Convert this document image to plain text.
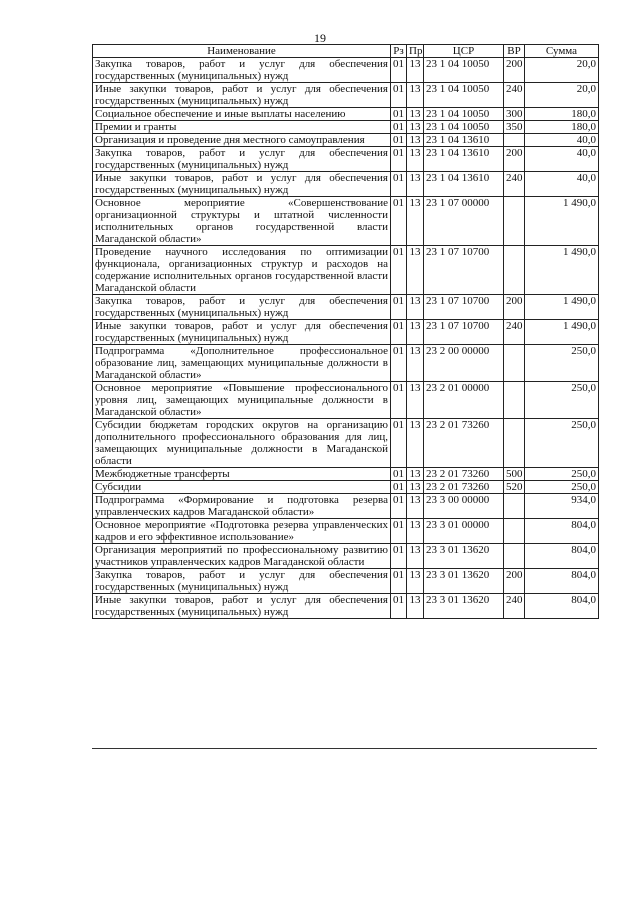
19
Наименование	Рз	Пр	ЦСР	ВР	Сумма
Закупка товаров, работ и услуг для обеспечения государственных (муниципальных) нужд	01	13	23 1 04 10050	200	20,0
Иные закупки товаров, работ и услуг для обеспечения государственных (муниципальных) нужд	01	13	23 1 04 10050	240	20,0
Социальное обеспечение и иные выплаты населению	01	13	23 1 04 10050	300	180,0
Премии и гранты	01	13	23 1 04 10050	350	180,0
Организация и проведение дня местного самоуправления	01	13	23 1 04 13610		40,0
Закупка товаров, работ и услуг для обеспечения государственных (муниципальных) нужд	01	13	23 1 04 13610	200	40,0
Иные закупки товаров, работ и услуг для обеспечения государственных (муниципальных) нужд	01	13	23 1 04 13610	240	40,0
Основное мероприятие «Совершенствование организационной структуры и штатной численности исполнительных органов государственной власти Магаданской области»	01	13	23 1 07 00000		1 490,0
Проведение научного исследования по оптимизации функционала, организационных структур и расходов на содержание исполнительных органов государственной власти Магаданской области	01	13	23 1 07 10700		1 490,0
Закупка товаров, работ и услуг для обеспечения государственных (муниципальных) нужд	01	13	23 1 07 10700	200	1 490,0
Иные закупки товаров, работ и услуг для обеспечения государственных (муниципальных) нужд	01	13	23 1 07 10700	240	1 490,0
Подпрограмма «Дополнительное профессиональное образование лиц, замещающих муниципальные должности в Магаданской области»	01	13	23 2 00 00000		250,0
Основное мероприятие «Повышение профессионального уровня лиц, замещающих муниципальные должности в Магаданской области»	01	13	23 2 01 00000		250,0
Субсидии бюджетам городских округов на организацию дополнительного профессионального образования для лиц, замещающих муниципальные должности в Магаданской области	01	13	23 2 01 73260		250,0
Межбюджетные трансферты	01	13	23 2 01 73260	500	250,0
Субсидии	01	13	23 2 01 73260	520	250,0
Подпрограмма «Формирование и подготовка резерва управленческих кадров Магаданской области»	01	13	23 3 00 00000		934,0
Основное мероприятие «Подготовка резерва управленческих кадров и его эффективное использование»	01	13	23 3 01 00000		804,0
Организация мероприятий по профессиональному развитию участников управленческих кадров Магаданской области	01	13	23 3 01 13620		804,0
Закупка товаров, работ и услуг для обеспечения государственных (муниципальных) нужд	01	13	23 3 01 13620	200	804,0
Иные закупки товаров, работ и услуг для обеспечения государственных (муниципальных) нужд	01	13	23 3 01 13620	240	804,0
